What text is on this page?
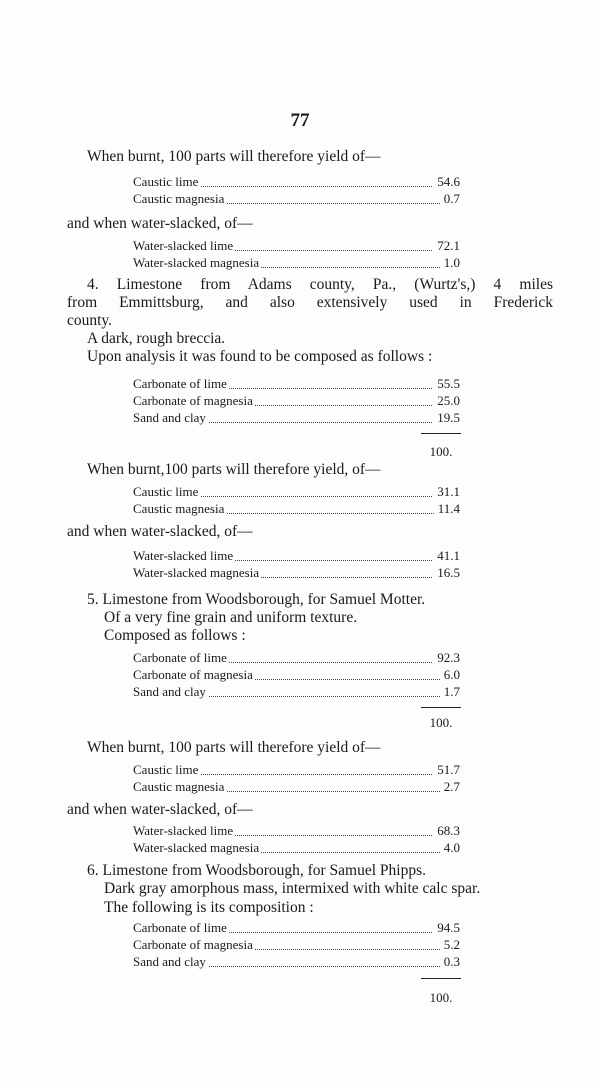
77
When burnt, 100 parts will therefore yield of—
Caustic lime	54.6
Caustic magnesia	0.7
and when water-slacked, of—
Water-slacked lime	72.1
Water-slacked magnesia	1.0
4. Limestone from Adams county, Pa., (Wurtz's,) 4 miles
from Emmittsburg, and also extensively used in Frederick
county.
A dark, rough breccia.
Upon analysis it was found to be composed as follows :
Carbonate of lime	55.5
Carbonate of magnesia	25.0
Sand and clay	19.5
100.
When burnt,100 parts will therefore yield, of—
Caustic lime	31.1
Caustic magnesia	11.4
and when water-slacked, of—
Water-slacked lime	41.1
Water-slacked magnesia	16.5
5. Limestone from Woodsborough, for Samuel Motter.
Of a very fine grain and uniform texture.
Composed as follows :
Carbonate of lime	92.3
Carbonate of magnesia	6.0
Sand and clay	1.7
100.
When burnt, 100 parts will therefore yield of—
Caustic lime	51.7
Caustic magnesia	2.7
and when water-slacked, of—
Water-slacked lime	68.3
Water-slacked magnesia	4.0
6. Limestone from Woodsborough, for Samuel Phipps.
Dark gray amorphous mass, intermixed with white calc spar.
The following is its composition :
Carbonate of lime	94.5
Carbonate of magnesia	5.2
Sand and clay	0.3
100.
